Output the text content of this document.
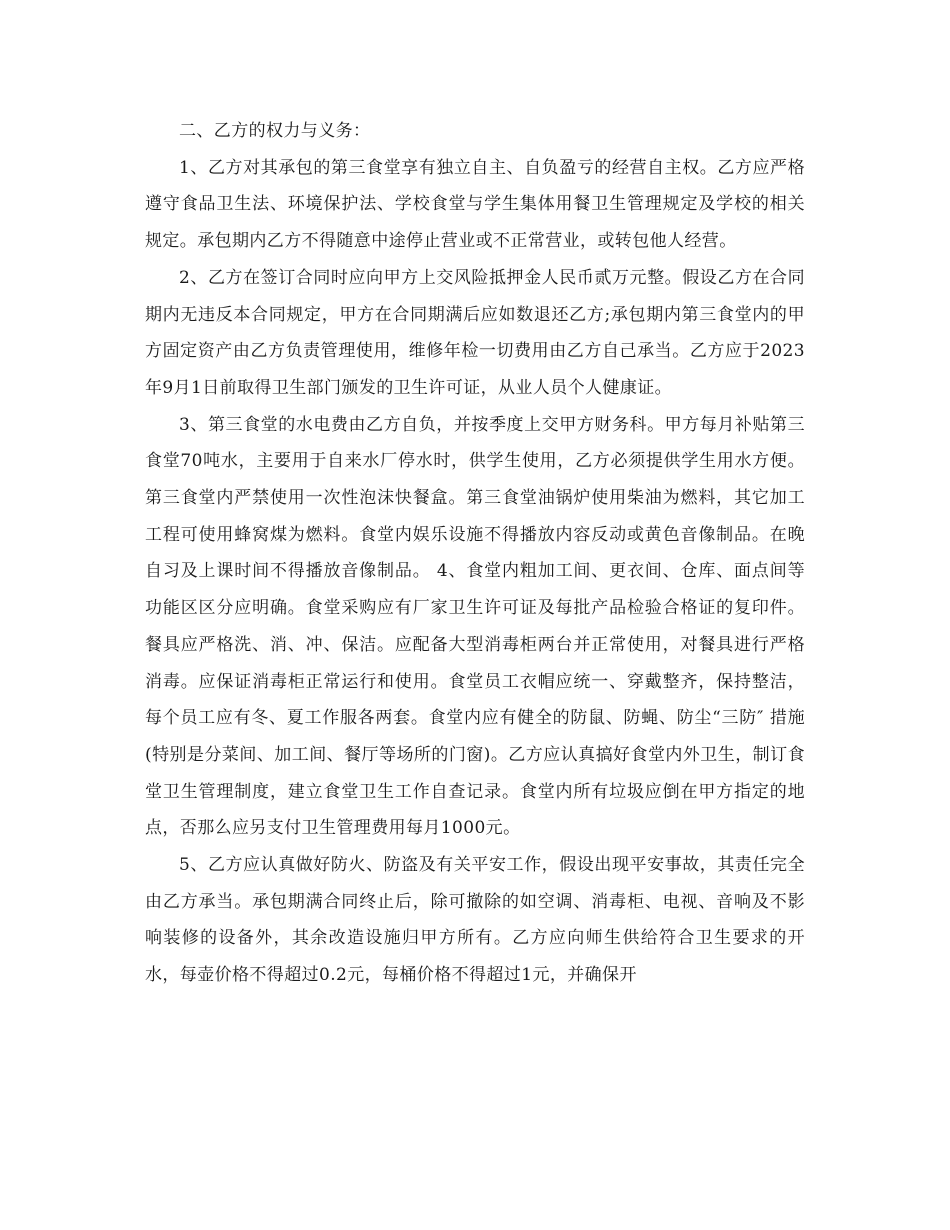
二、乙方的权力与义务：

1、乙方对其承包的第三食堂享有独立自主、自负盈亏的经营自主权。乙方应严格遵守食品卫生法、环境保护法、学校食堂与学生集体用餐卫生管理规定及学校的相关规定。承包期内乙方不得随意中途停止营业或不正常营业，或转包他人经营。

2、乙方在签订合同时应向甲方上交风险抵押金人民币贰万元整。假设乙方在合同期内无违反本合同规定，甲方在合同期满后应如数退还乙方;承包期内第三食堂内的甲方固定资产由乙方负责管理使用，维修年检一切费用由乙方自己承当。乙方应于2023年9月1日前取得卫生部门颁发的卫生许可证，从业人员个人健康证。

3、第三食堂的水电费由乙方自负，并按季度上交甲方财务科。甲方每月补贴第三食堂70吨水，主要用于自来水厂停水时，供学生使用，乙方必须提供学生用水方便。第三食堂内严禁使用一次性泡沫快餐盒。第三食堂油锅炉使用柴油为燃料，其它加工工程可使用蜂窝煤为燃料。食堂内娱乐设施不得播放内容反动或黄色音像制品。在晚自习及上课时间不得播放音像制品。 4、食堂内粗加工间、更衣间、仓库、面点间等功能区区分应明确。食堂采购应有厂家卫生许可证及每批产品检验合格证的复印件。餐具应严格洗、消、冲、保洁。应配备大型消毒柜两台并正常使用，对餐具进行严格消毒。应保证消毒柜正常运行和使用。食堂员工衣帽应统一、穿戴整齐，保持整洁，每个员工应有冬、夏工作服各两套。食堂内应有健全的防鼠、防蝇、防尘“三防″ 措施(特别是分菜间、加工间、餐厅等场所的门窗)。乙方应认真搞好食堂内外卫生，制订食堂卫生管理制度，建立食堂卫生工作自查记录。食堂内所有垃圾应倒在甲方指定的地点，否那么应另支付卫生管理费用每月1000元。

5、乙方应认真做好防火、防盗及有关平安工作，假设出现平安事故，其责任完全由乙方承当。承包期满合同终止后，除可撤除的如空调、消毒柜、电视、音响及不影响装修的设备外，其余改造设施归甲方所有。乙方应向师生供给符合卫生要求的开水，每壶价格不得超过0.2元，每桶价格不得超过1元，并确保开
